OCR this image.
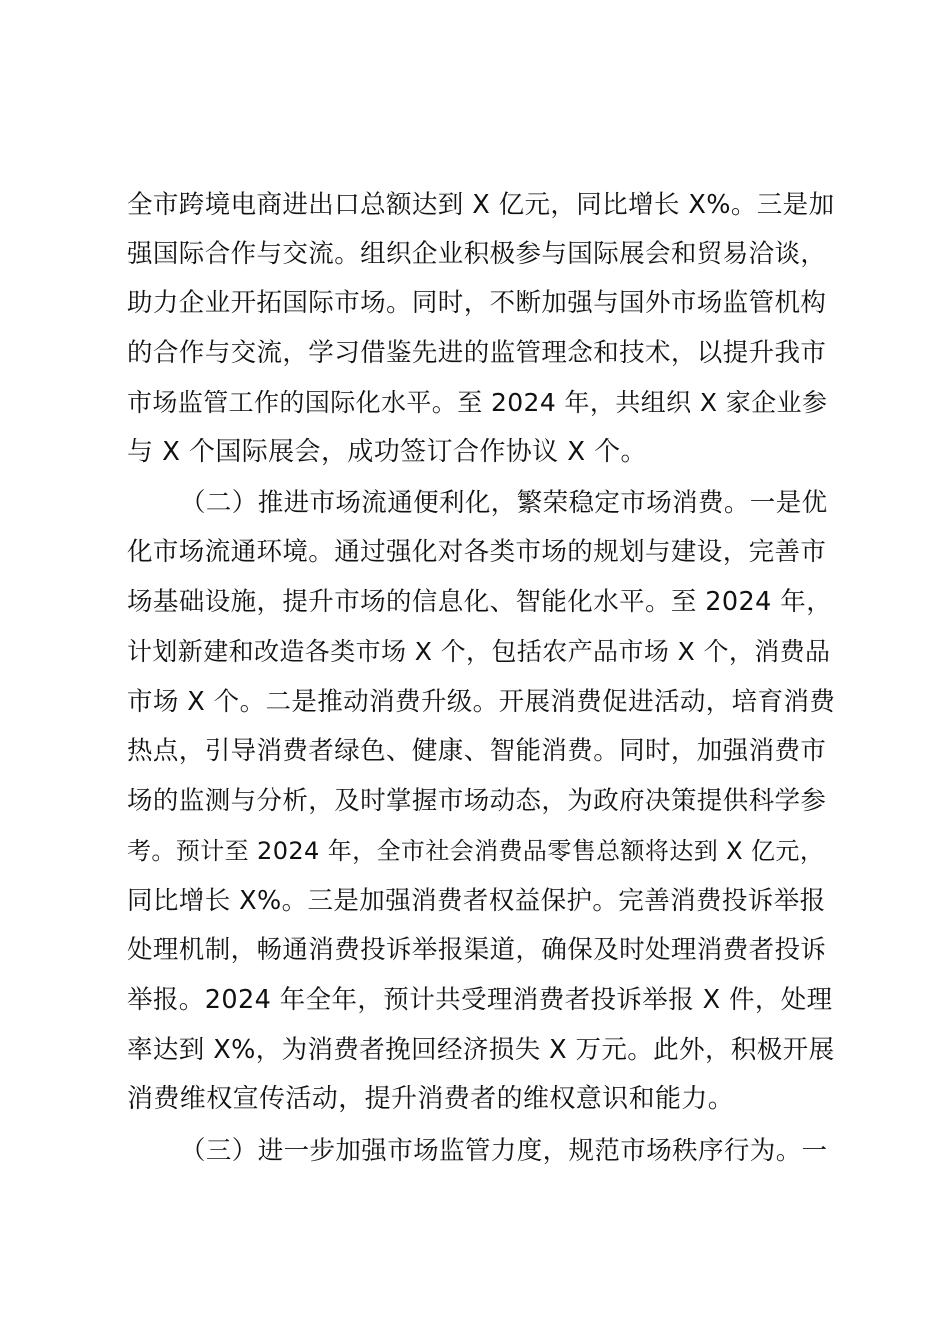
全市跨境电商进出口总额达到 X 亿元，同比增长 X%。三是加
强国际合作与交流。组织企业积极参与国际展会和贸易洽谈，
助力企业开拓国际市场。同时，不断加强与国外市场监管机构
的合作与交流，学习借鉴先进的监管理念和技术，以提升我市
市场监管工作的国际化水平。至 2024 年，共组织 X 家企业参
与 X 个国际展会，成功签订合作协议 X 个。
（二）推进市场流通便利化，繁荣稳定市场消费。一是优
化市场流通环境。通过强化对各类市场的规划与建设，完善市
场基础设施，提升市场的信息化、智能化水平。至 2024 年，
计划新建和改造各类市场 X 个，包括农产品市场 X 个，消费品
市场 X 个。二是推动消费升级。开展消费促进活动，培育消费
热点，引导消费者绿色、健康、智能消费。同时，加强消费市
场的监测与分析，及时掌握市场动态，为政府决策提供科学参
考。预计至 2024 年，全市社会消费品零售总额将达到 X 亿元，
同比增长 X%。三是加强消费者权益保护。完善消费投诉举报
处理机制，畅通消费投诉举报渠道，确保及时处理消费者投诉
举报。2024 年全年，预计共受理消费者投诉举报 X 件，处理
率达到 X%，为消费者挽回经济损失 X 万元。此外，积极开展
消费维权宣传活动，提升消费者的维权意识和能力。
（三）进一步加强市场监管力度，规范市场秩序行为。一
